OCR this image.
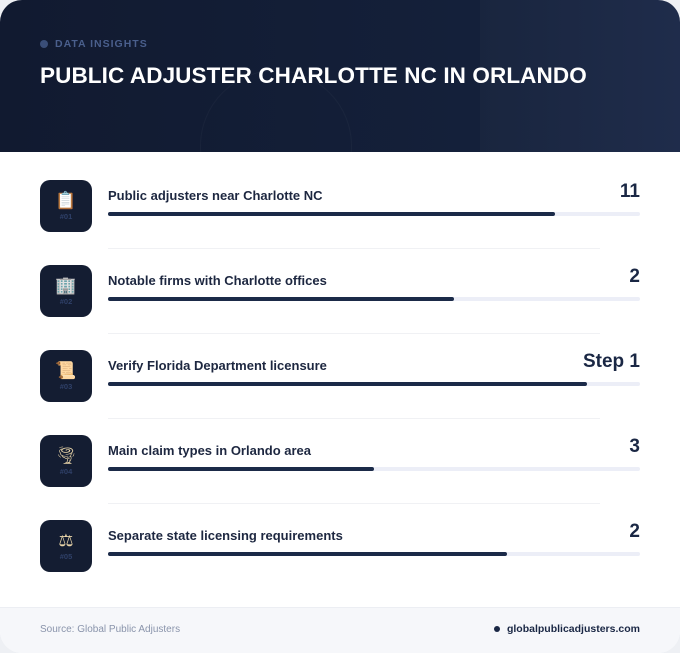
DATA INSIGHTS
PUBLIC ADJUSTER CHARLOTTE NC IN ORLANDO
📋
#01
Public adjusters near Charlotte NC	11
🏢
#02
Notable firms with Charlotte offices	2
📜
#03
Verify Florida Department licensure	Step 1
🌪
#04
Main claim types in Orlando area	3
⚖
#05
Separate state licensing requirements	2
Source: Global Public Adjusters	globalpublicadjusters.com
